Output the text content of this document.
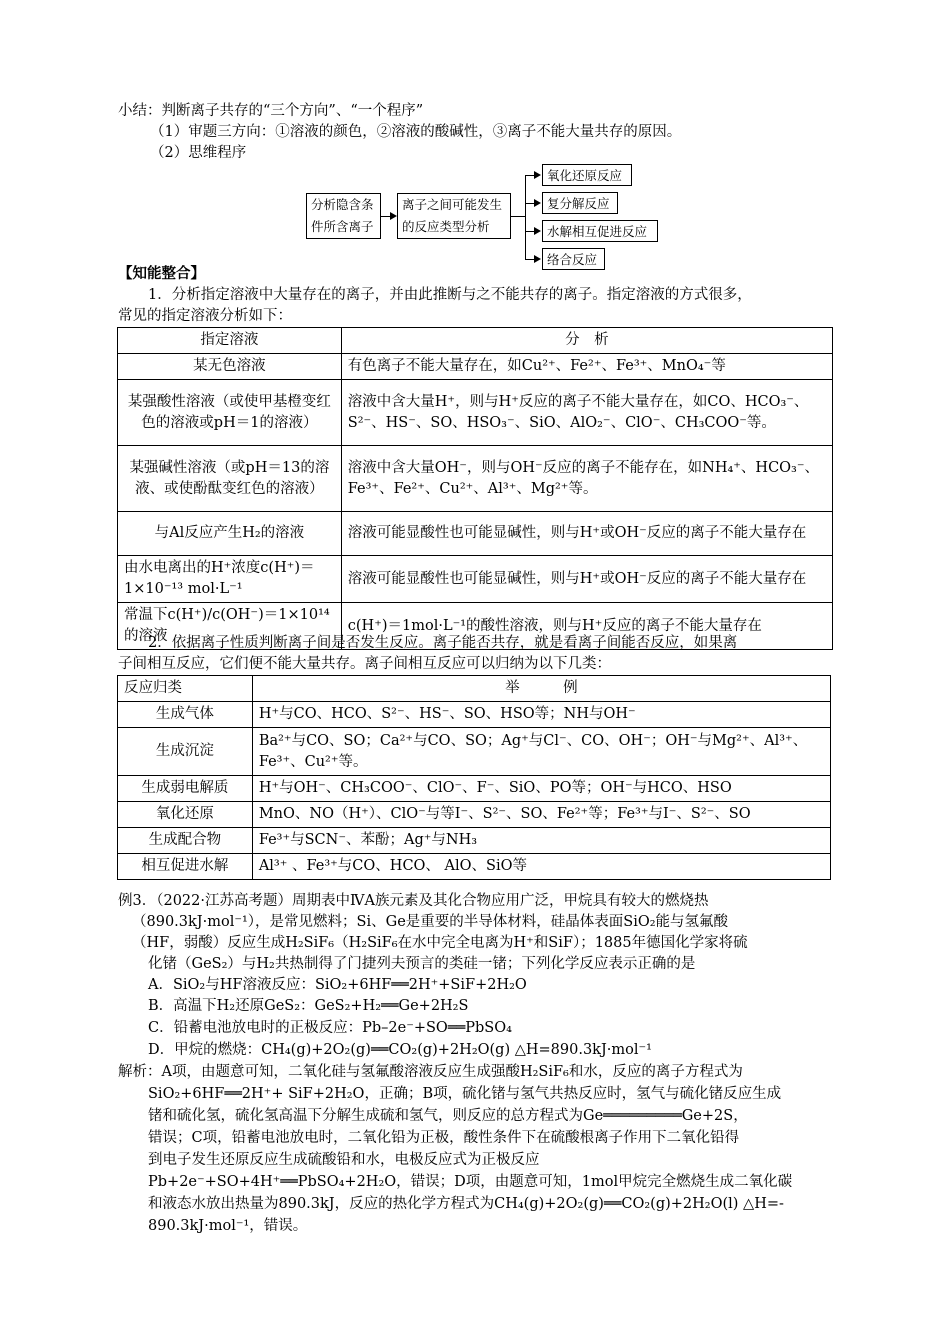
小结：判断离子共存的“三个方向”、“一个程序”
（1）审题三方向：①溶液的颜色，②溶液的酸碱性，③离子不能大量共存的原因。
（2）思维程序
分析隐含条
件所含离子
离子之间可能发生
的反应类型分析
氧化还原反应
复分解反应
水解相互促进反应
络合反应
【知能整合】
1．分析指定溶液中大量存在的离子，并由此推断与之不能共存的离子。指定溶液的方式很多，
常见的指定溶液分析如下：
指定溶液	分　析
某无色溶液	有色离子不能大量存在，如Cu²⁺、Fe²⁺、Fe³⁺、MnO₄⁻等
某强酸性溶液（或使甲基橙变红色的溶液或pH＝1的溶液）	溶液中含大量H⁺，则与H⁺反应的离子不能大量存在，如CO、HCO₃⁻、S²⁻、HS⁻、SO、HSO₃⁻、SiO、AlO₂⁻、ClO⁻、CH₃COO⁻等。
某强碱性溶液（或pH＝13的溶液、或使酚酞变红色的溶液）	溶液中含大量OH⁻，则与OH⁻反应的离子不能存在，如NH₄⁺、HCO₃⁻、Fe³⁺、Fe²⁺、Cu²⁺、Al³⁺、Mg²⁺等。
与Al反应产生H₂的溶液	溶液可能显酸性也可能显碱性，则与H⁺或OH⁻反应的离子不能大量存在
由水电离出的H⁺浓度c(H⁺)＝1×10⁻¹³ mol·L⁻¹	溶液可能显酸性也可能显碱性，则与H⁺或OH⁻反应的离子不能大量存在
常温下c(H⁺)/c(OH⁻)＝1×10¹⁴的溶液	c(H⁺)＝1mol·L⁻¹的酸性溶液，则与H⁺反应的离子不能大量存在
2．依据离子性质判断离子间是否发生反应。离子能否共存，就是看离子间能否反应，如果离
子间相互反应，它们便不能大量共存。离子间相互反应可以归纳为以下几类：
反应归类	举　　　例
生成气体	H⁺与CO、HCO、S²⁻、HS⁻、SO、HSO等；NH与OH⁻
生成沉淀	Ba²⁺与CO、SO；Ca²⁺与CO、SO；Ag⁺与Cl⁻、CO、OH⁻；OH⁻与Mg²⁺、Al³⁺、Fe³⁺、Cu²⁺等。
生成弱电解质	H⁺与OH⁻、CH₃COO⁻、ClO⁻、F⁻、SiO、PO等；OH⁻与HCO、HSO
氧化还原	MnO、NO（H⁺）、ClO⁻与等I⁻、S²⁻、SO、Fe²⁺等；Fe³⁺与I⁻、S²⁻、SO
生成配合物	Fe³⁺与SCN⁻、苯酚；Ag⁺与NH₃
相互促进水解	Al³⁺ 、Fe³⁺与CO、HCO、 AlO、SiO等
例3．（2022·江苏高考题）周期表中ⅣA族元素及其化合物应用广泛，甲烷具有较大的燃烧热
（890.3kJ·mol⁻¹），是常见燃料；Si、Ge是重要的半导体材料，硅晶体表面SiO₂能与氢氟酸
（HF，弱酸）反应生成H₂SiF₆（H₂SiF₆在水中完全电离为H⁺和SiF）；1885年德国化学家将硫
化锗（GeS₂）与H₂共热制得了门捷列夫预言的类硅一锗；下列化学反应表示正确的是
A．SiO₂与HF溶液反应：SiO₂+6HF══2H⁺+SiF+2H₂O
B．高温下H₂还原GeS₂：GeS₂+H₂══Ge+2H₂S
C．铅蓄电池放电时的正极反应：Pb–2e⁻+SO══PbSO₄
D．甲烷的燃烧：CH₄(g)+2O₂(g)══CO₂(g)+2H₂O(g) △H=890.3kJ·mol⁻¹
解析：A项，由题意可知，二氧化硅与氢氟酸溶液反应生成强酸H₂SiF₆和水，反应的离子方程式为
SiO₂+6HF══2H⁺+ SiF+2H₂O，正确；B项，硫化锗与氢气共热反应时，氢气与硫化锗反应生成
锗和硫化氢，硫化氢高温下分解生成硫和氢气，则反应的总方程式为Ge═════════Ge+2S，
错误；C项，铅蓄电池放电时，二氧化铅为正极，酸性条件下在硫酸根离子作用下二氧化铅得
到电子发生还原反应生成硫酸铅和水，电极反应式为正极反应
Pb+2e⁻+SO+4H⁺══PbSO₄+2H₂O，错误；D项，由题意可知，1mol甲烷完全燃烧生成二氧化碳
和液态水放出热量为890.3kJ，反应的热化学方程式为CH₄(g)+2O₂(g)══CO₂(g)+2H₂O(l) △H=-
890.3kJ·mol⁻¹，错误。
